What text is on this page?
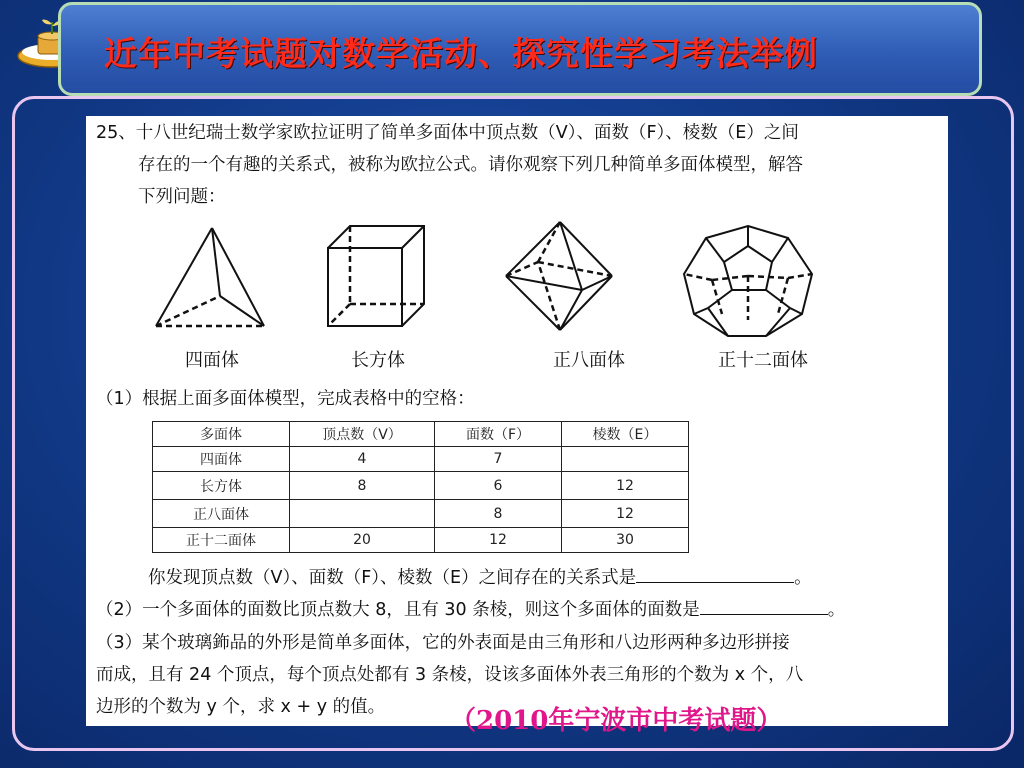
近年中考试题对数学活动、探究性学习考法举例
25、十八世纪瑞士数学家欧拉证明了简单多面体中顶点数（V）、面数（F）、棱数（E）之间
存在的一个有趣的关系式，被称为欧拉公式。请你观察下列几种简单多面体模型，解答
下列问题：
四面体	长方体	正八面体	正十二面体
（1）根据上面多面体模型，完成表格中的空格：
多面体	顶点数（V）	面数（F）	棱数（E）
四面体	4	7	
长方体	8	6	12
正八面体		8	12
正十二面体	20	12	30
你发现顶点数（V）、面数（F）、棱数（E）之间存在的关系式是	。
（2）一个多面体的面数比顶点数大 8，且有 30 条棱，则这个多面体的面数是	。
（3）某个玻璃鉓品的外形是简单多面体，它的外表面是由三角形和八边形两种多边形拼接
而成，且有 24 个顶点，每个顶点处都有 3 条棱，设该多面体外表三角形的个数为 x 个，八
边形的个数为 y 个，求 x + y 的值。	（2010年宁波市中考试题）
